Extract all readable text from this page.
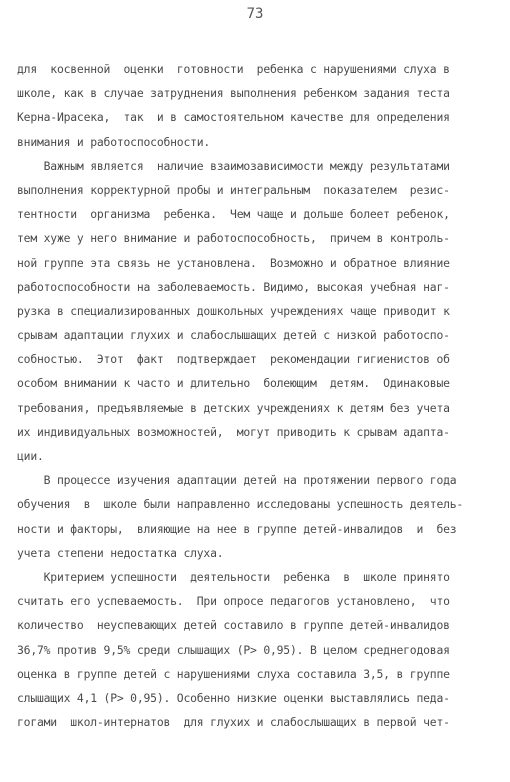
73
для  косвенной  оценки  готовности  ребенка с нарушениями слуха в
школе, как в случае затруднения выполнения ребенком задания теста
Керна-Ирасека,  так  и в самостоятельном качестве для определения
внимания и работоспособности.
Важным является  наличие взаимозависимости между результатами
выполнения корректурной пробы и интегральным  показателем  резис-
тентности  организма  ребенка.  Чем чаще и дольше болеет ребенок,
тем хуже у него внимание и работоспособность,  причем в контроль-
ной группе эта связь не установлена.  Возможно и обратное влияние
работоспособности на заболеваемость. Видимо, высокая учебная наг-
рузка в специализированных дошкольных учреждениях чаще приводит к
срывам адаптации глухих и слабослышащих детей с низкой работоспо-
собностью.  Этот  факт  подтверждает  рекомендации гигиенистов об
особом внимании к часто и длительно  болеющим  детям.  Одинаковые
требования, предъявляемые в детских учреждениях к детям без учета
их индивидуальных возможностей,  могут приводить к срывам адапта-
ции.
В процессе изучения адаптации детей на протяжении первого года
обучения  в  школе были направленно исследованы успешность деятель-
ности и факторы,  влияющие на нее в группе детей-инвалидов  и  без
учета степени недостатка слуха.
Критерием успешности  деятельности  ребенка  в  школе принято
считать его успеваемость.  При опросе педагогов установлено,  что
количество  неуспевающих детей составило в группе детей-инвалидов
36,7% против 9,5% среди слышащих (P> 0,95). В целом среднегодовая
оценка в группе детей с нарушениями слуха составила 3,5, в группе
слышащих 4,1 (P> 0,95). Особенно низкие оценки выставлялись педа-
гогами  школ-интернатов  для глухих и слабослышащих в первой чет-
